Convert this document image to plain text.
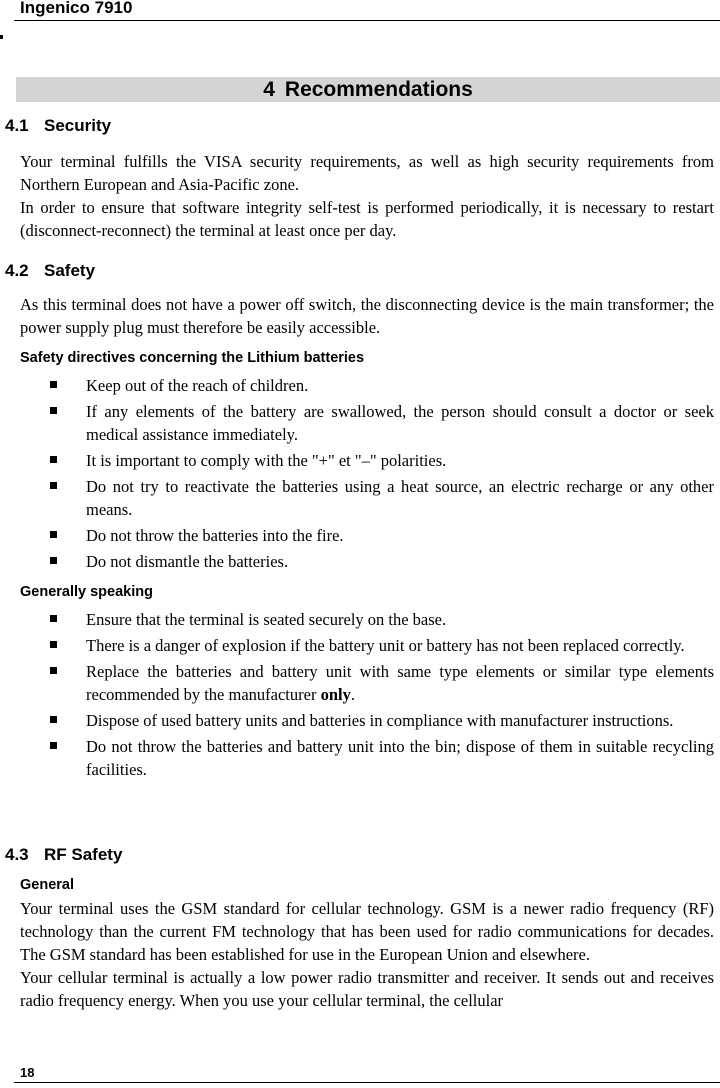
Ingenico 7910
4 Recommendations
4.1 Security

Your terminal fulfills the VISA security requirements, as well as high security requirements from Northern European and Asia-Pacific zone.

In order to ensure that software integrity self-test is performed periodically, it is necessary to restart (disconnect-reconnect) the terminal at least once per day.

4.2 Safety

As this terminal does not have a power off switch, the disconnecting device is the main transformer; the power supply plug must therefore be easily accessible.

Safety directives concerning the Lithium batteries
Keep out of the reach of children.
If any elements of the battery are swallowed, the person should consult a doctor or seek medical assistance immediately.
It is important to comply with the "+" et "–" polarities.
Do not try to reactivate the batteries using a heat source, an electric recharge or any other means.
Do not throw the batteries into the fire.
Do not dismantle the batteries.
Generally speaking
Ensure that the terminal is seated securely on the base.
There is a danger of explosion if the battery unit or battery has not been replaced correctly.
Replace the batteries and battery unit with same type elements or similar type elements recommended by the manufacturer only.
Dispose of used battery units and batteries in compliance with manufacturer instructions.
Do not throw the batteries and battery unit into the bin; dispose of them in suitable recycling facilities.
4.3 RF Safety
General

Your terminal uses the GSM standard for cellular technology. GSM is a newer radio frequency (RF) technology than the current FM technology that has been used for radio communications for decades. The GSM standard has been established for use in the European Union and elsewhere.

Your cellular terminal is actually a low power radio transmitter and receiver. It sends out and receives radio frequency energy. When you use your cellular terminal, the cellular

18
